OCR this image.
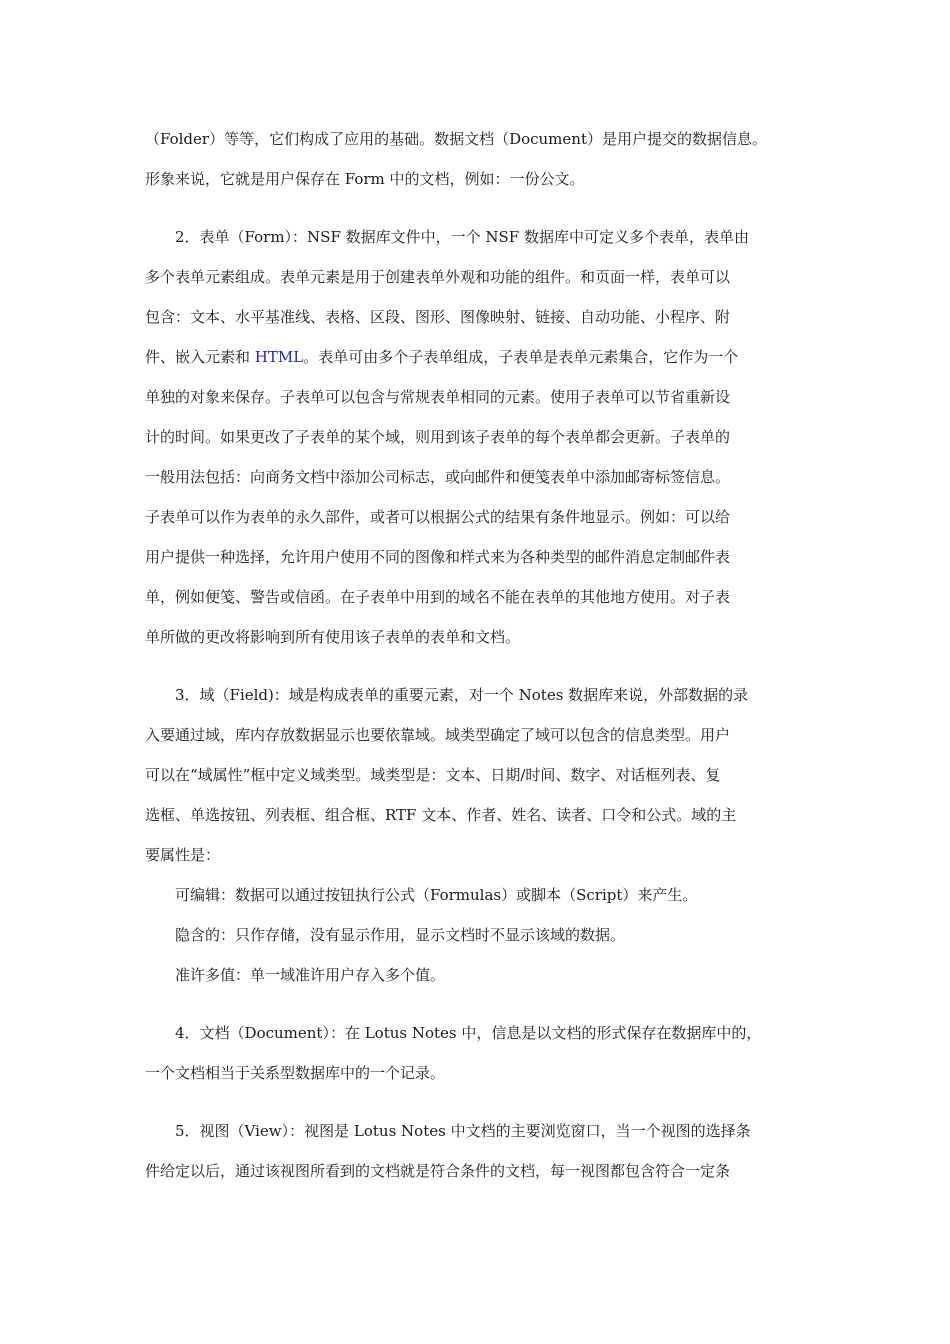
（Folder）等等，它们构成了应用的基础。数据文档（Document）是用户提交的数据信息。
形象来说，它就是用户保存在 Form 中的文档，例如：一份公文。
2．表单（Form）：NSF 数据库文件中，一个 NSF 数据库中可定义多个表单，表单由
多个表单元素组成。表单元素是用于创建表单外观和功能的组件。和页面一样，表单可以
包含：文本、水平基准线、表格、区段、图形、图像映射、链接、自动功能、小程序、附
件、嵌入元素和 HTML。表单可由多个子表单组成，子表单是表单元素集合，它作为一个
单独的对象来保存。子表单可以包含与常规表单相同的元素。使用子表单可以节省重新设
计的时间。如果更改了子表单的某个域，则用到该子表单的每个表单都会更新。子表单的
一般用法包括：向商务文档中添加公司标志，或向邮件和便笺表单中添加邮寄标签信息。
子表单可以作为表单的永久部件，或者可以根据公式的结果有条件地显示。例如：可以给
用户提供一种选择，允许用户使用不同的图像和样式来为各种类型的邮件消息定制邮件表
单，例如便笺、警告或信函。在子表单中用到的域名不能在表单的其他地方使用。对子表
单所做的更改将影响到所有使用该子表单的表单和文档。
3．域（Field)：域是构成表单的重要元素，对一个 Notes 数据库来说，外部数据的录
入要通过域，库内存放数据显示也要依靠域。域类型确定了域可以包含的信息类型。用户
可以在“域属性”框中定义域类型。域类型是：文本、日期/时间、数字、对话框列表、复
选框、单选按钮、列表框、组合框、RTF 文本、作者、姓名、读者、口令和公式。域的主
要属性是：
可编辑：数据可以通过按钮执行公式（Formulas）或脚本（Script）来产生。
隐含的：只作存储，没有显示作用，显示文档时不显示该域的数据。
准许多值：单一域准许用户存入多个值。
4．文档（Document）：在 Lotus Notes 中，信息是以文档的形式保存在数据库中的，
一个文档相当于关系型数据库中的一个记录。
5．视图（View）：视图是 Lotus Notes 中文档的主要浏览窗口，当一个视图的选择条
件给定以后，通过该视图所看到的文档就是符合条件的文档，每一视图都包含符合一定条
